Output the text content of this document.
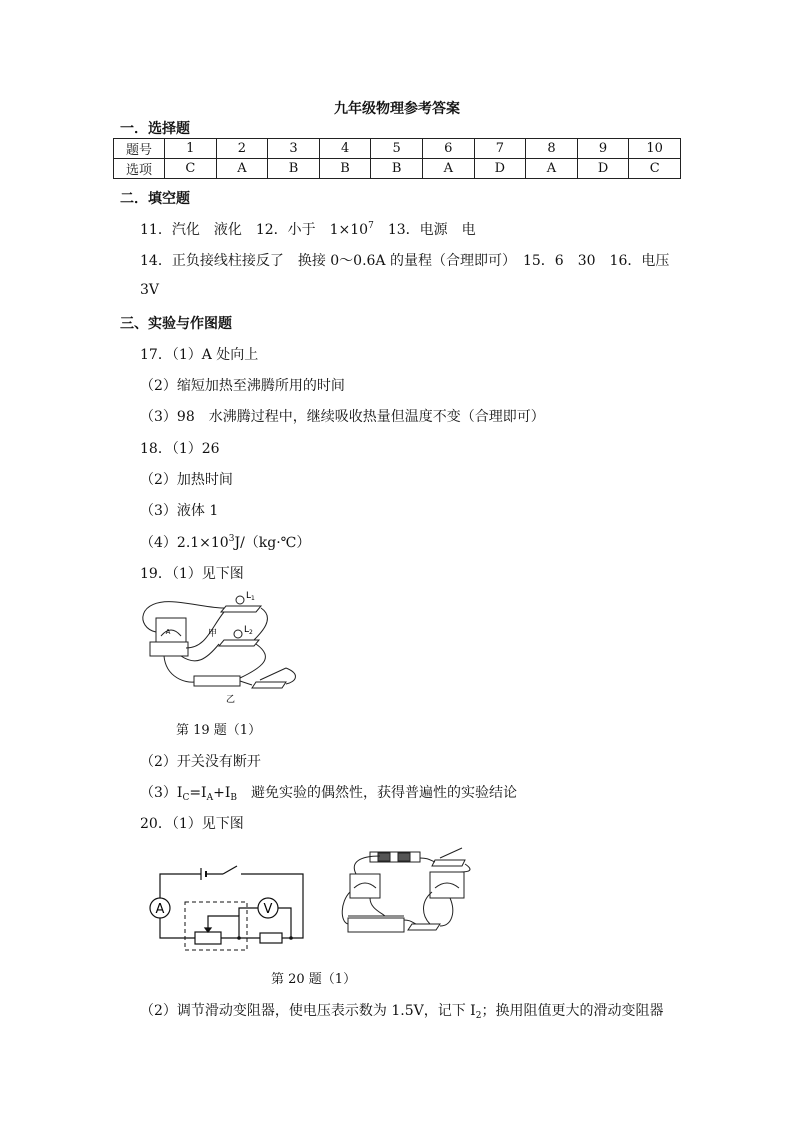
九年级物理参考答案
一．选择题
题号	1	2	3	4	5	6	7	8	9	10
选项	C	A	B	B	B	A	D	A	D	C
二．填空题
11．汽化　液化　12．小于　$1\times 10^7$　13．电源　电
14．正负接线柱接反了　换接 0～0.6A 的量程（合理即可）　15．6　30　16．电压
3V
三、实验与作图题
17．（1）A 处向上
（2）缩短加热至沸腾所用的时间
（3）98　水沸腾过程中，继续吸收热量但温度不变（合理即可）
18．（1）26
（2）加热时间
（3）液体 1
$(4)2.1\times 10^3J/(kg\cdot℃)$
19．（1）见下图
A
$L_1$
$L_2$
甲
乙
第 19 题（1）
（2）开关没有断开
$(3)I_C=I_A+I_B$　避免实验的偶然性，获得普遍性的实验结论
20．（1）见下图
A	V
第 20 题（1）
（2）调节滑动变阻器，使电压表示数为 1.5V，记下 $I_2$；换用阻值更大的滑动变阻器
